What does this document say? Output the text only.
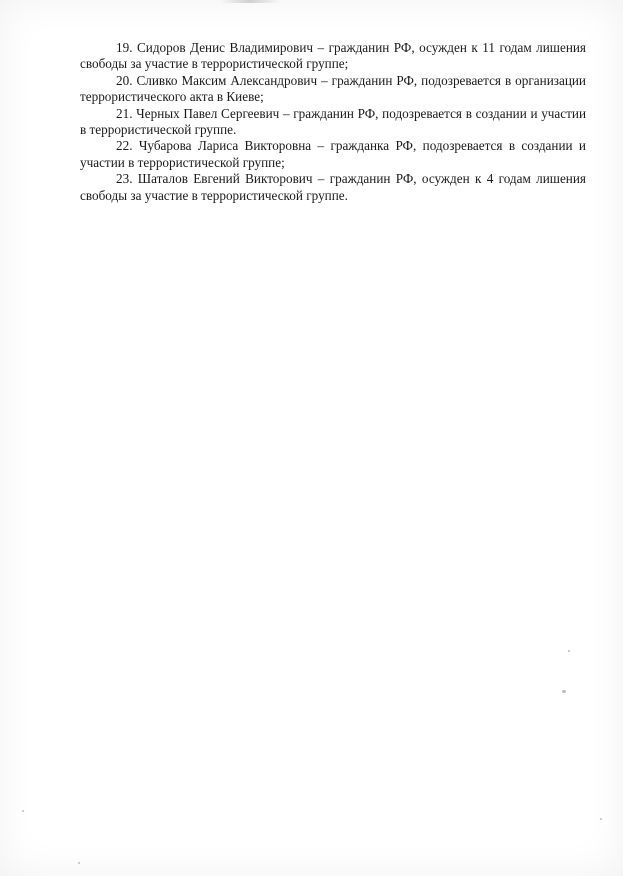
19. Сидоров Денис Владимирович – гражданин РФ, осужден к 11 годам лишения свободы за участие в террористической группе;

20. Сливко Максим Александрович – гражданин РФ, подозревается в организации террористического акта в Киеве;

21. Черных Павел Сергеевич – гражданин РФ, подозревается в создании и участии в террористической группе.

22. Чубарова Лариса Викторовна – гражданка РФ, подозревается в создании и участии в террористической группе;

23. Шаталов Евгений Викторович – гражданин РФ, осужден к 4 годам лишения свободы за участие в террористической группе.
